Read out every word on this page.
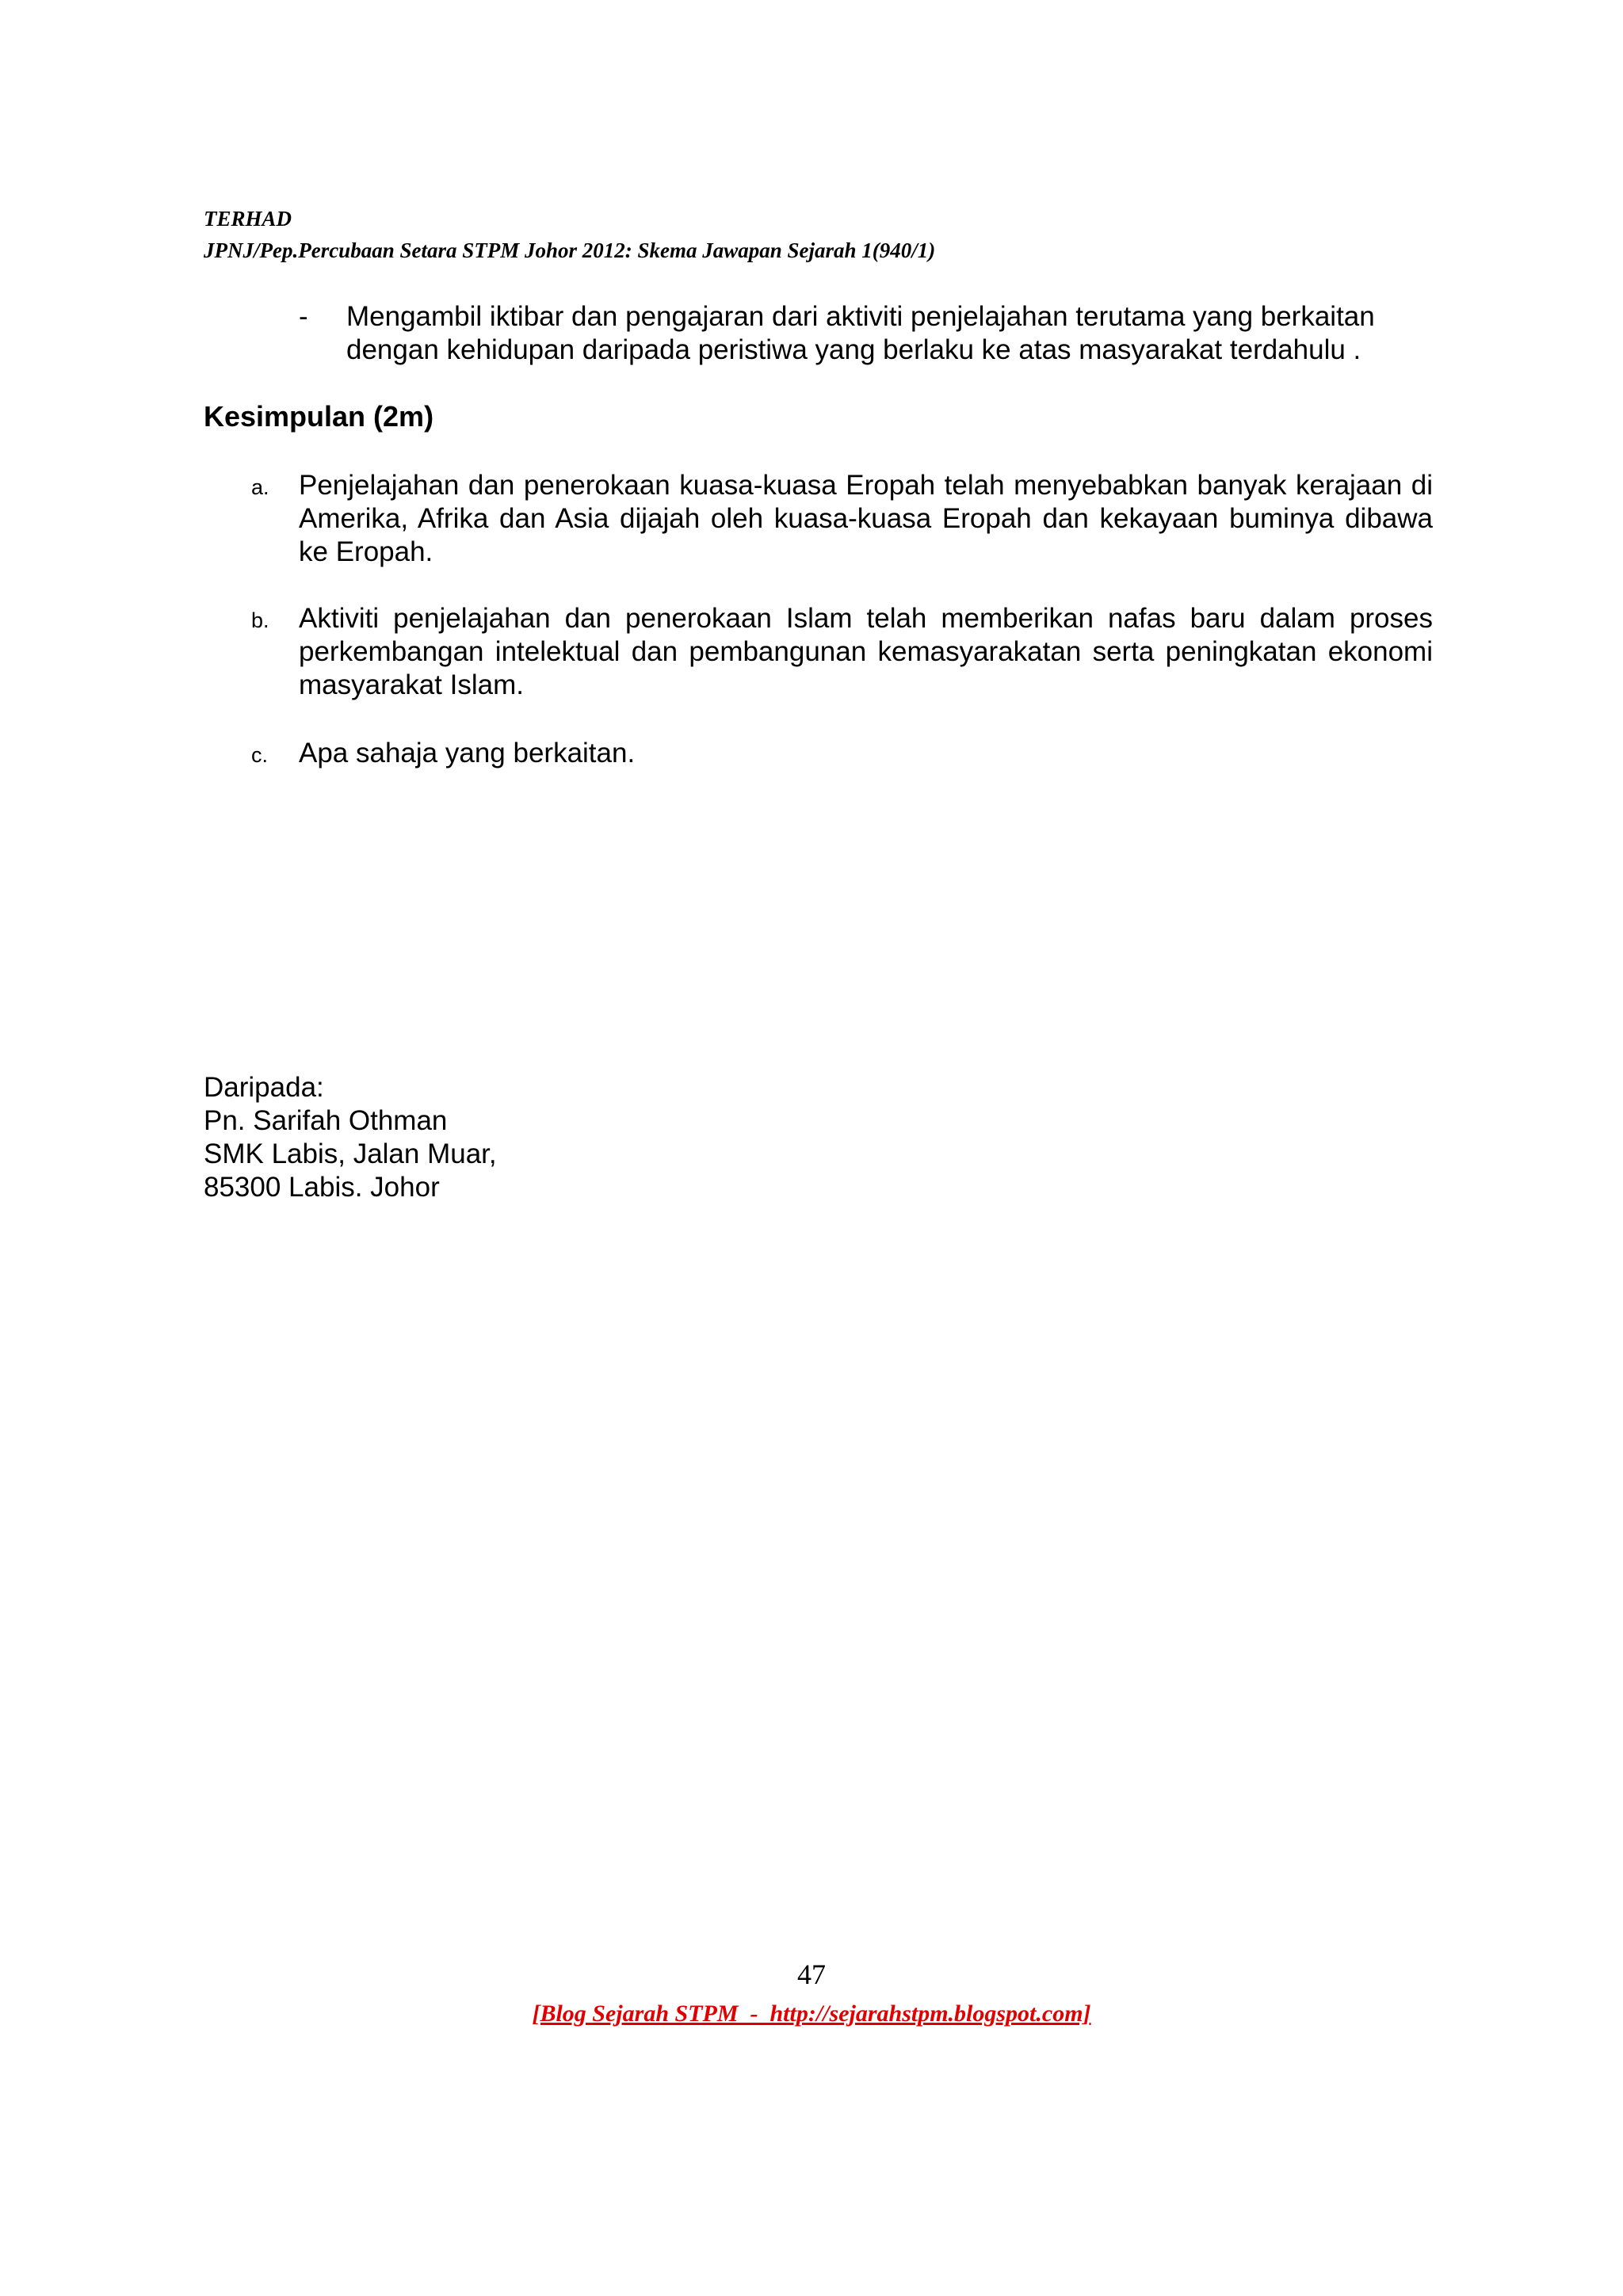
TERHAD
JPNJ/Pep.Percubaan Setara STPM Johor 2012: Skema Jawapan Sejarah 1(940/1)
- Mengambil iktibar dan pengajaran dari aktiviti penjelajahan terutama yang berkaitan dengan kehidupan daripada peristiwa yang berlaku ke atas masyarakat terdahulu .
Kesimpulan (2m)
a. Penjelajahan dan penerokaan kuasa-kuasa Eropah telah menyebabkan banyak kerajaan di Amerika, Afrika dan Asia dijajah oleh kuasa-kuasa Eropah dan kekayaan buminya dibawa ke Eropah.
b. Aktiviti penjelajahan dan penerokaan Islam telah memberikan nafas baru dalam proses perkembangan intelektual dan pembangunan kemasyarakatan serta peningkatan ekonomi masyarakat Islam.
c. Apa sahaja yang berkaitan.
Daripada:
Pn. Sarifah Othman
SMK Labis, Jalan Muar,
85300 Labis. Johor
47
[Blog Sejarah STPM  -  http://sejarahstpm.blogspot.com]
